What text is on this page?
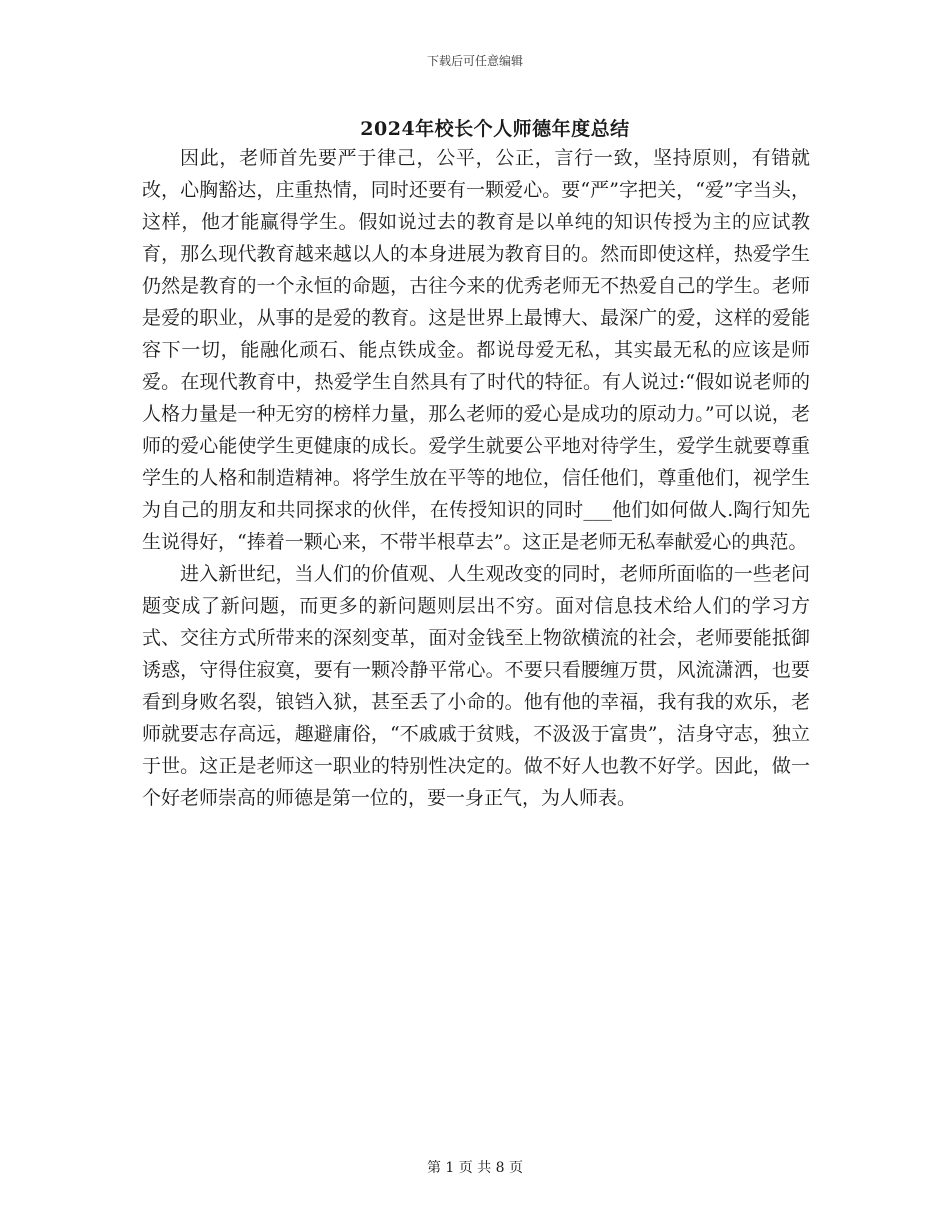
下载后可任意编辑
2024年校长个人师德年度总结

因此，老师首先要严于律己，公平，公正，言行一致，坚持原则，有错就改，心胸豁达，庄重热情，同时还要有一颗爱心。要“严”字把关，“爱”字当头，这样，他才能赢得学生。假如说过去的教育是以单纯的知识传授为主的应试教育，那么现代教育越来越以人的本身进展为教育目的。然而即使这样，热爱学生仍然是教育的一个永恒的命题，古往今来的优秀老师无不热爱自己的学生。老师是爱的职业，从事的是爱的教育。这是世界上最博大、最深广的爱，这样的爱能容下一切，能融化顽石、能点铁成金。都说母爱无私，其实最无私的应该是师爱。在现代教育中，热爱学生自然具有了时代的特征。有人说过:“假如说老师的人格力量是一种无穷的榜样力量，那么老师的爱心是成功的原动力。”可以说，老师的爱心能使学生更健康的成长。爱学生就要公平地对待学生，爱学生就要尊重学生的人格和制造精神。将学生放在平等的地位，信任他们，尊重他们，视学生为自己的朋友和共同探求的伙伴，在传授知识的同时___他们如何做人.陶行知先生说得好，“捧着一颗心来，不带半根草去”。这正是老师无私奉献爱心的典范。

进入新世纪，当人们的价值观、人生观改变的同时，老师所面临的一些老问题变成了新问题，而更多的新问题则层出不穷。面对信息技术给人们的学习方式、交往方式所带来的深刻变革，面对金钱至上物欲横流的社会，老师要能抵御诱惑，守得住寂寞，要有一颗冷静平常心。不要只看腰缠万贯，风流潇洒，也要看到身败名裂，锒铛入狱，甚至丢了小命的。他有他的幸福，我有我的欢乐，老师就要志存高远，趣避庸俗，“不戚戚于贫贱，不汲汲于富贵”，洁身守志，独立于世。这正是老师这一职业的特别性决定的。做不好人也教不好学。因此，做一个好老师崇高的师德是第一位的，要一身正气，为人师表。

第 1 页 共 8 页
